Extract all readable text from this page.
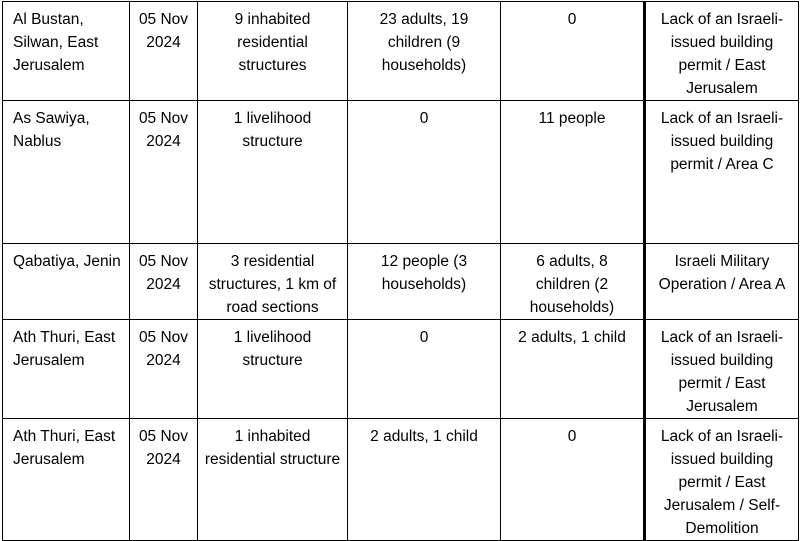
Al Bustan, Silwan, East Jerusalem	05 Nov 2024	9 inhabited residential structures	23 adults, 19 children (9 households)	0	Lack of an Israeli-issued building permit / East Jerusalem
As Sawiya, Nablus	05 Nov 2024	1 livelihood structure	0	11 people	Lack of an Israeli-issued building permit / Area C
Qabatiya, Jenin	05 Nov 2024	3 residential structures, 1 km of road sections	12 people (3 households)	6 adults, 8 children (2 households)	Israeli Military Operation / Area A
Ath Thuri, East Jerusalem	05 Nov 2024	1 livelihood structure	0	2 adults, 1 child	Lack of an Israeli-issued building permit / East Jerusalem
Ath Thuri, East Jerusalem	05 Nov 2024	1 inhabited residential structure	2 adults, 1 child	0	Lack of an Israeli-issued building permit / East Jerusalem / Self-Demolition
